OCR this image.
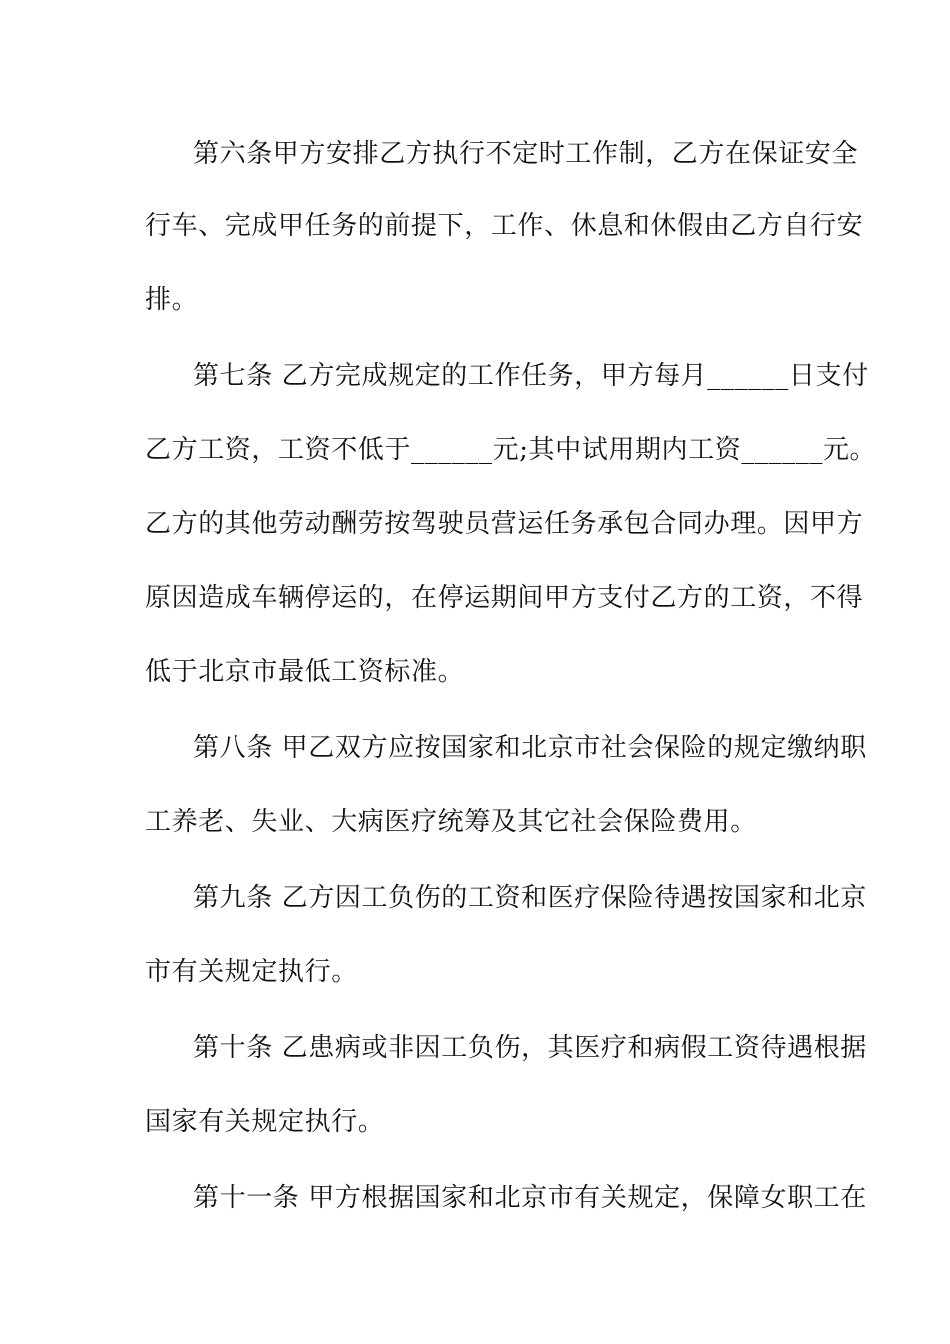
第六条甲方安排乙方执行不定时工作制，乙方在保证安全
行车、完成甲任务的前提下，工作、休息和休假由乙方自行安
排。
第七条 乙方完成规定的工作任务，甲方每月______日支付
乙方工资，工资不低于______元;其中试用期内工资______元。
乙方的其他劳动酬劳按驾驶员营运任务承包合同办理。因甲方
原因造成车辆停运的，在停运期间甲方支付乙方的工资，不得
低于北京市最低工资标准。
第八条 甲乙双方应按国家和北京市社会保险的规定缴纳职
工养老、失业、大病医疗统筹及其它社会保险费用。
第九条 乙方因工负伤的工资和医疗保险待遇按国家和北京
市有关规定执行。
第十条 乙患病或非因工负伤，其医疗和病假工资待遇根据
国家有关规定执行。
第十一条 甲方根据国家和北京市有关规定，保障女职工在
